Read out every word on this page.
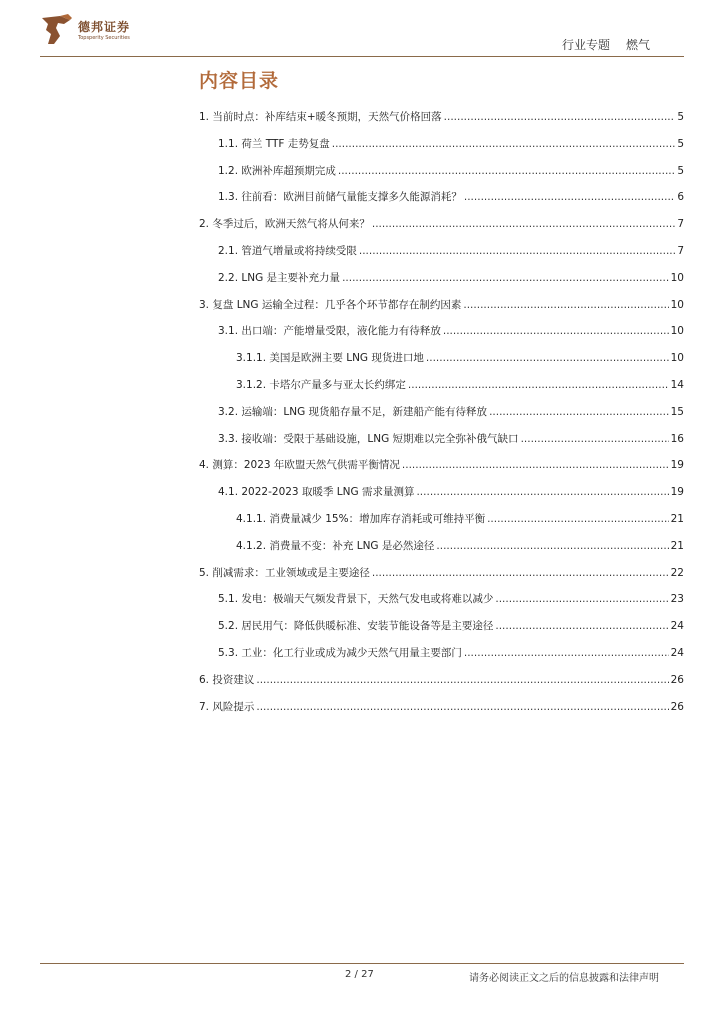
德邦证券
Topsperity Securities	行业专题 燃气
内容目录
1. 当前时点：补库结束+暖冬预期，天然气价格回落 .....	5
1.1. 荷兰 TTF 走势复盘 .....	5
1.2. 欧洲补库超预期完成 .....	5
1.3. 往前看：欧洲目前储气量能支撑多久能源消耗？ .....	6
2. 冬季过后，欧洲天然气将从何来？ .....	7
2.1. 管道气增量或将持续受限 .....	7
2.2. LNG 是主要补充力量 .....	10
3. 复盘 LNG 运输全过程：几乎各个环节都存在制约因素 .....	10
3.1. 出口端：产能增量受限，液化能力有待释放 .....	10
3.1.1. 美国是欧洲主要 LNG 现货进口地 .....	10
3.1.2. 卡塔尔产量多与亚太长约绑定 .....	14
3.2. 运输端：LNG 现货船存量不足，新建船产能有待释放 .....	15
3.3. 接收端：受限于基础设施，LNG 短期难以完全弥补俄气缺口 .....	16
4. 测算：2023 年欧盟天然气供需平衡情况 .....	19
4.1. 2022-2023 取暖季 LNG 需求量测算 .....	19
4.1.1. 消费量减少 15%：增加库存消耗或可维持平衡 .....	21
4.1.2. 消费量不变：补充 LNG 是必然途径 .....	21
5. 削减需求：工业领域或是主要途径 .....	22
5.1. 发电：极端天气频发背景下，天然气发电或将难以减少 .....	23
5.2. 居民用气：降低供暖标准、安装节能设备等是主要途径 .....	24
5.3. 工业：化工行业或成为减少天然气用量主要部门 .....	24
6. 投资建议 .....	26
7. 风险提示 .....	26
2 / 27	请务必阅读正文之后的信息披露和法律声明
